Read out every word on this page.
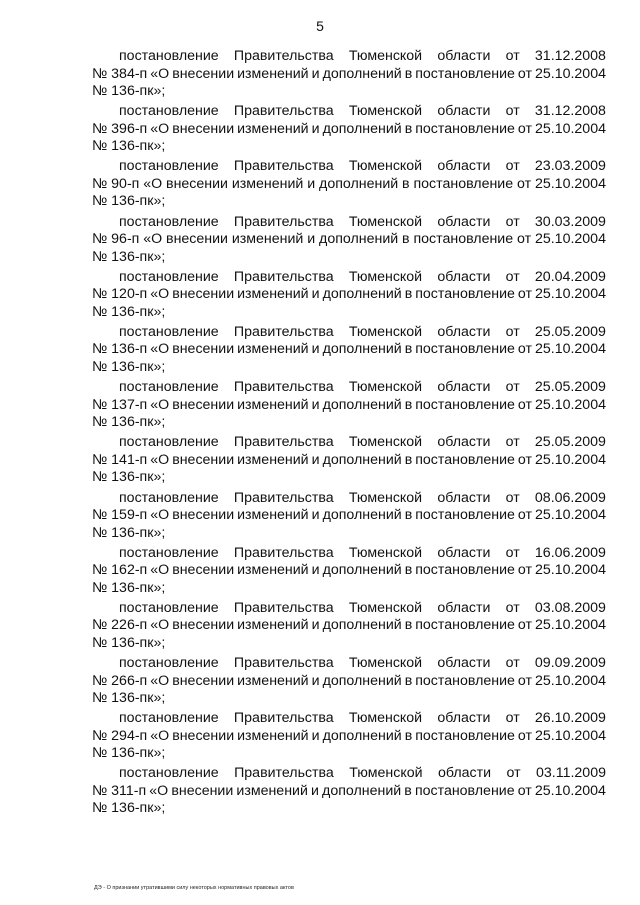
5
постановление Правительства Тюменской области от 31.12.2008
№ 384-п «О внесении изменений и дополнений в постановление от 25.10.2004
№ 136-пк»;
постановление Правительства Тюменской области от 31.12.2008
№ 396-п «О внесении изменений и дополнений в постановление от 25.10.2004
№ 136-пк»;
постановление Правительства Тюменской области от 23.03.2009
№ 90-п «О внесении изменений и дополнений в постановление от 25.10.2004
№ 136-пк»;
постановление Правительства Тюменской области от 30.03.2009
№ 96-п «О внесении изменений и дополнений в постановление от 25.10.2004
№ 136-пк»;
постановление Правительства Тюменской области от 20.04.2009
№ 120-п «О внесении изменений и дополнений в постановление от 25.10.2004
№ 136-пк»;
постановление Правительства Тюменской области от 25.05.2009
№ 136-п «О внесении изменений и дополнений в постановление от 25.10.2004
№ 136-пк»;
постановление Правительства Тюменской области от 25.05.2009
№ 137-п «О внесении изменений и дополнений в постановление от 25.10.2004
№ 136-пк»;
постановление Правительства Тюменской области от 25.05.2009
№ 141-п «О внесении изменений и дополнений в постановление от 25.10.2004
№ 136-пк»;
постановление Правительства Тюменской области от 08.06.2009
№ 159-п «О внесении изменений и дополнений в постановление от 25.10.2004
№ 136-пк»;
постановление Правительства Тюменской области от 16.06.2009
№ 162-п «О внесении изменений и дополнений в постановление от 25.10.2004
№ 136-пк»;
постановление Правительства Тюменской области от 03.08.2009
№ 226-п «О внесении изменений и дополнений в постановление от 25.10.2004
№ 136-пк»;
постановление Правительства Тюменской области от 09.09.2009
№ 266-п «О внесении изменений и дополнений в постановление от 25.10.2004
№ 136-пк»;
постановление Правительства Тюменской области от 26.10.2009
№ 294-п «О внесении изменений и дополнений в постановление от 25.10.2004
№ 136-пк»;
постановление Правительства Тюменской области от 03.11.2009
№ 311-п «О внесении изменений и дополнений в постановление от 25.10.2004
№ 136-пк»;
ДЭ - О признании утратившими силу некоторых нормативных правовых актов
